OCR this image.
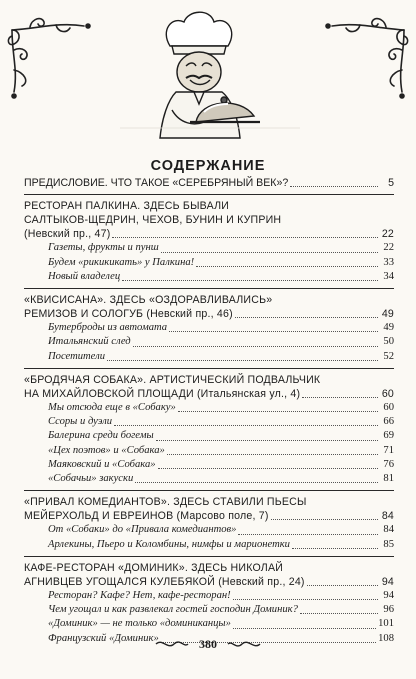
СОДЕРЖАНИЕ
ПРЕДИСЛОВИЕ. ЧТО ТАКОЕ «СЕРЕБРЯНЫЙ ВЕК»?	5
РЕСТОРАН ПАЛКИНА. ЗДЕСЬ БЫВАЛИ
САЛТЫКОВ-ЩЕДРИН, ЧЕХОВ, БУНИН И КУПРИН
(Невский пр., 47)	22
Газеты, фрукты и пунш	22
Будем «рикикикать» у Палкина!	33
Новый владелец	34
«КВИСИСАНА». ЗДЕСЬ «ОЗДОРАВЛИВАЛИСЬ»
РЕМИЗОВ И СОЛОГУБ (Невский пр., 46)	49
Бутерброды из автомата	49
Итальянский след	50
Посетители	52
«БРОДЯЧАЯ СОБАКА». АРТИСТИЧЕСКИЙ ПОДВАЛЬЧИК
НА МИХАЙЛОВСКОЙ ПЛОЩАДИ (Итальянская ул., 4)	60
Мы отсюда еще в «Собаку»	60
Ссоры и дуэли	66
Балерина среди богемы	69
«Цех поэтов» и «Собака»	71
Маяковский и «Собака»	76
«Собачьи» закуски	81
«ПРИВАЛ КОМЕДИАНТОВ». ЗДЕСЬ СТАВИЛИ ПЬЕСЫ
МЕЙЕРХОЛЬД И ЕВРЕИНОВ (Марсово поле, 7)	84
От «Собаки» до «Привала комедиантов»	84
Арлекины, Пьеро и Коломбины, нимфы и марионетки	85
КАФЕ-РЕСТОРАН «ДОМИНИК». ЗДЕСЬ НИКОЛАЙ
АГНИВЦЕВ УГОЩАЛСЯ КУЛЕБЯКОЙ (Невский пр., 24)	94
Ресторан? Кафе? Нет, кафе-ресторан!	94
Чем угощал и как развлекал гостей господин Доминик?	96
«Доминик» — не только «доминиканцы»	101
Французский «Доминик»	108
380
